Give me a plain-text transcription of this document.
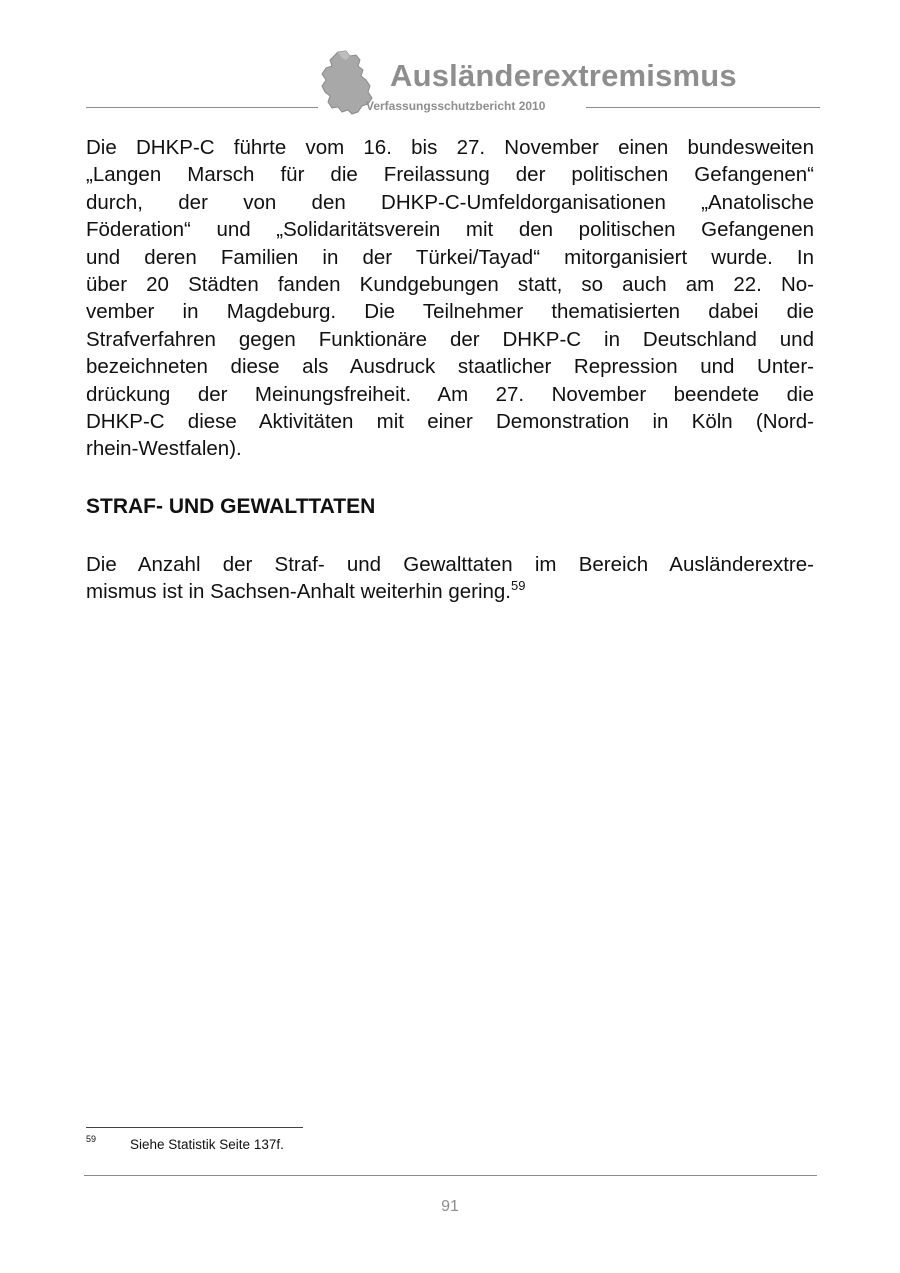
Ausländerextremismus
Verfassungsschutzbericht 2010

Die DHKP-C führte vom 16. bis 27. November einen bundesweiten
„Langen Marsch für die Freilassung der politischen Gefangenen“
durch, der von den DHKP-C-Umfeldorganisationen „Anatolische
Föderation“ und „Solidaritätsverein mit den politischen Gefangenen
und deren Familien in der Türkei/Tayad“ mitorganisiert wurde. In
über 20 Städten fanden Kundgebungen statt, so auch am 22. No-
vember in Magdeburg. Die Teilnehmer thematisierten dabei die
Strafverfahren gegen Funktionäre der DHKP-C in Deutschland und
bezeichneten diese als Ausdruck staatlicher Repression und Unter-
drückung der Meinungsfreiheit. Am 27. November beendete die
DHKP-C diese Aktivitäten mit einer Demonstration in Köln (Nord-
rhein-Westfalen).

STRAF- UND GEWALTTATEN

Die Anzahl der Straf- und Gewalttaten im Bereich Ausländerextre-
mismus ist in Sachsen-Anhalt weiterhin gering.$^{59}$

59	Siehe Statistik Seite 137f.
91
